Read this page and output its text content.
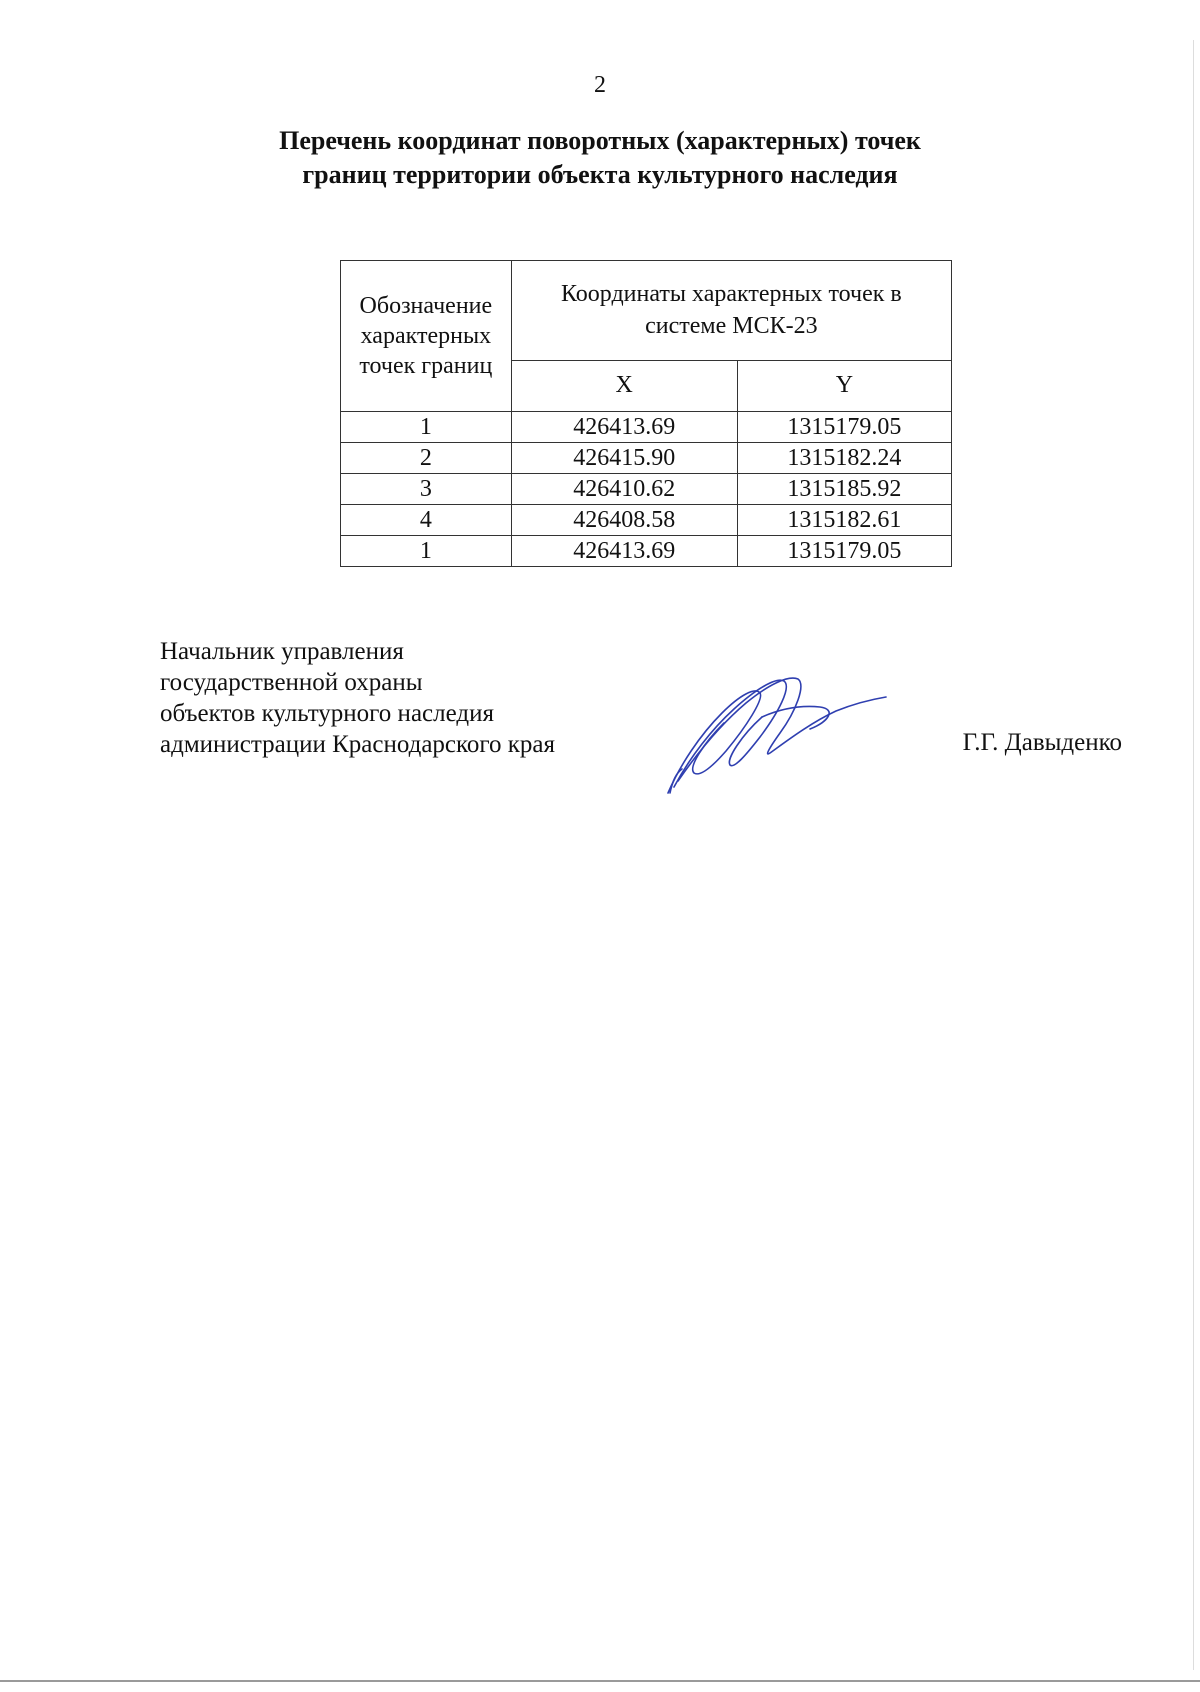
2
Перечень координат поворотных (характерных) точек
границ территории объекта культурного наследия
Обозначение характерных точек границ	Координаты характерных точек в системе МСК-23	
	X	Y
1	426413.69	1315179.05
2	426415.90	1315182.24
3	426410.62	1315185.92
4	426408.58	1315182.61
1	426413.69	1315179.05
Начальник управления
государственной охраны
объектов культурного наследия
администрации Краснодарского края	Г.Г. Давыденко
